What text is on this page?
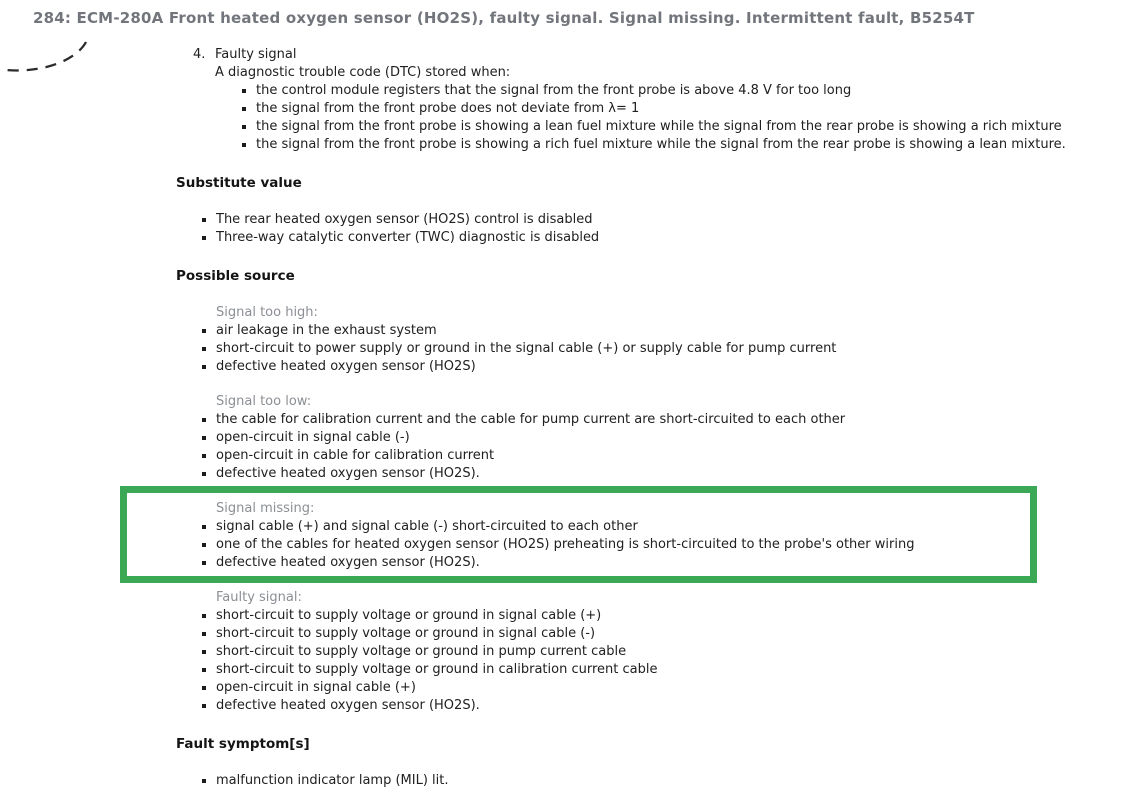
284: ECM-280A Front heated oxygen sensor (HO2S), faulty signal. Signal missing. Intermittent fault, B5254T
4. Faulty signal
A diagnostic trouble code (DTC) stored when:
the control module registers that the signal from the front probe is above 4.8 V for too long
the signal from the front probe does not deviate from λ= 1
the signal from the front probe is showing a lean fuel mixture while the signal from the rear probe is showing a rich mixture
the signal from the front probe is showing a rich fuel mixture while the signal from the rear probe is showing a lean mixture.
Substitute value
The rear heated oxygen sensor (HO2S) control is disabled
Three-way catalytic converter (TWC) diagnostic is disabled
Possible source
Signal too high:
air leakage in the exhaust system
short-circuit to power supply or ground in the signal cable (+) or supply cable for pump current
defective heated oxygen sensor (HO2S)
Signal too low:
the cable for calibration current and the cable for pump current are short-circuited to each other
open-circuit in signal cable (-)
open-circuit in cable for calibration current
defective heated oxygen sensor (HO2S).
Signal missing:
signal cable (+) and signal cable (-) short-circuited to each other
one of the cables for heated oxygen sensor (HO2S) preheating is short-circuited to the probe's other wiring
defective heated oxygen sensor (HO2S).
Faulty signal:
short-circuit to supply voltage or ground in signal cable (+)
short-circuit to supply voltage or ground in signal cable (-)
short-circuit to supply voltage or ground in pump current cable
short-circuit to supply voltage or ground in calibration current cable
open-circuit in signal cable (+)
defective heated oxygen sensor (HO2S).
Fault symptom[s]
malfunction indicator lamp (MIL) lit.
